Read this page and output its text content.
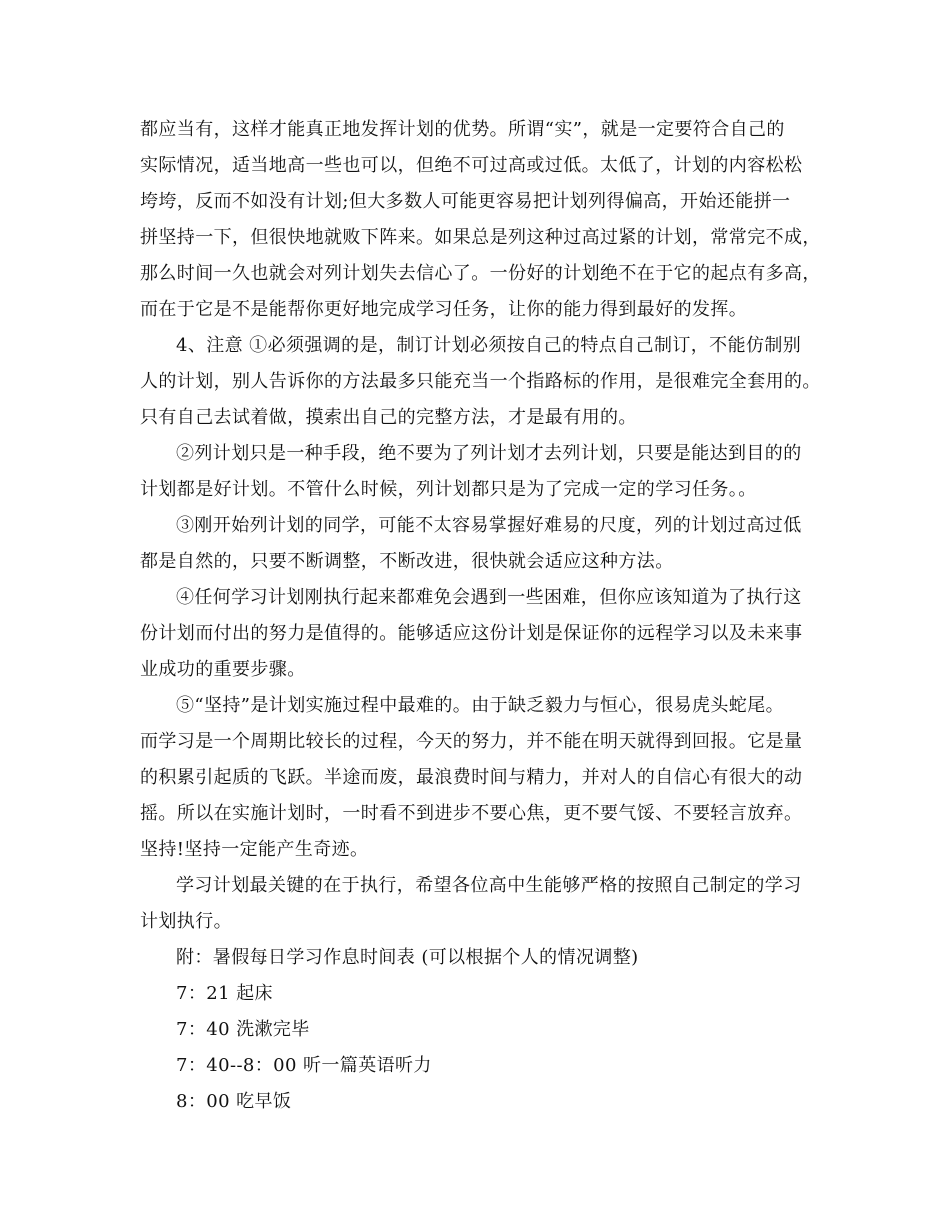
都应当有，这样才能真正地发挥计划的优势。所谓“实”，就是一定要符合自己的
实际情况，适当地高一些也可以，但绝不可过高或过低。太低了，计划的内容松松
垮垮，反而不如没有计划;但大多数人可能更容易把计划列得偏高，开始还能拼一
拼坚持一下，但很快地就败下阵来。如果总是列这种过高过紧的计划，常常完不成，
那么时间一久也就会对列计划失去信心了。一份好的计划绝不在于它的起点有多高，
而在于它是不是能帮你更好地完成学习任务，让你的能力得到最好的发挥。
4、注意 ①必须强调的是，制订计划必须按自己的特点自己制订，不能仿制别
人的计划，别人告诉你的方法最多只能充当一个指路标的作用，是很难完全套用的。
只有自己去试着做，摸索出自己的完整方法，才是最有用的。
②列计划只是一种手段，绝不要为了列计划才去列计划，只要是能达到目的的
计划都是好计划。不管什么时候，列计划都只是为了完成一定的学习任务。。
③刚开始列计划的同学，可能不太容易掌握好难易的尺度，列的计划过高过低
都是自然的，只要不断调整，不断改进，很快就会适应这种方法。
④任何学习计划刚执行起来都难免会遇到一些困难，但你应该知道为了执行这
份计划而付出的努力是值得的。能够适应这份计划是保证你的远程学习以及未来事
业成功的重要步骤。
⑤“坚持”是计划实施过程中最难的。由于缺乏毅力与恒心，很易虎头蛇尾。
而学习是一个周期比较长的过程，今天的努力，并不能在明天就得到回报。它是量
的积累引起质的飞跃。半途而废，最浪费时间与精力，并对人的自信心有很大的动
摇。所以在实施计划时，一时看不到进步不要心焦，更不要气馁、不要轻言放弃。
坚持!坚持一定能产生奇迹。
学习计划最关键的在于执行，希望各位高中生能够严格的按照自己制定的学习
计划执行。
附：暑假每日学习作息时间表 (可以根据个人的情况调整)
7：21 起床
7：40 洗漱完毕
7：40--8：00 听一篇英语听力
8：00 吃早饭
